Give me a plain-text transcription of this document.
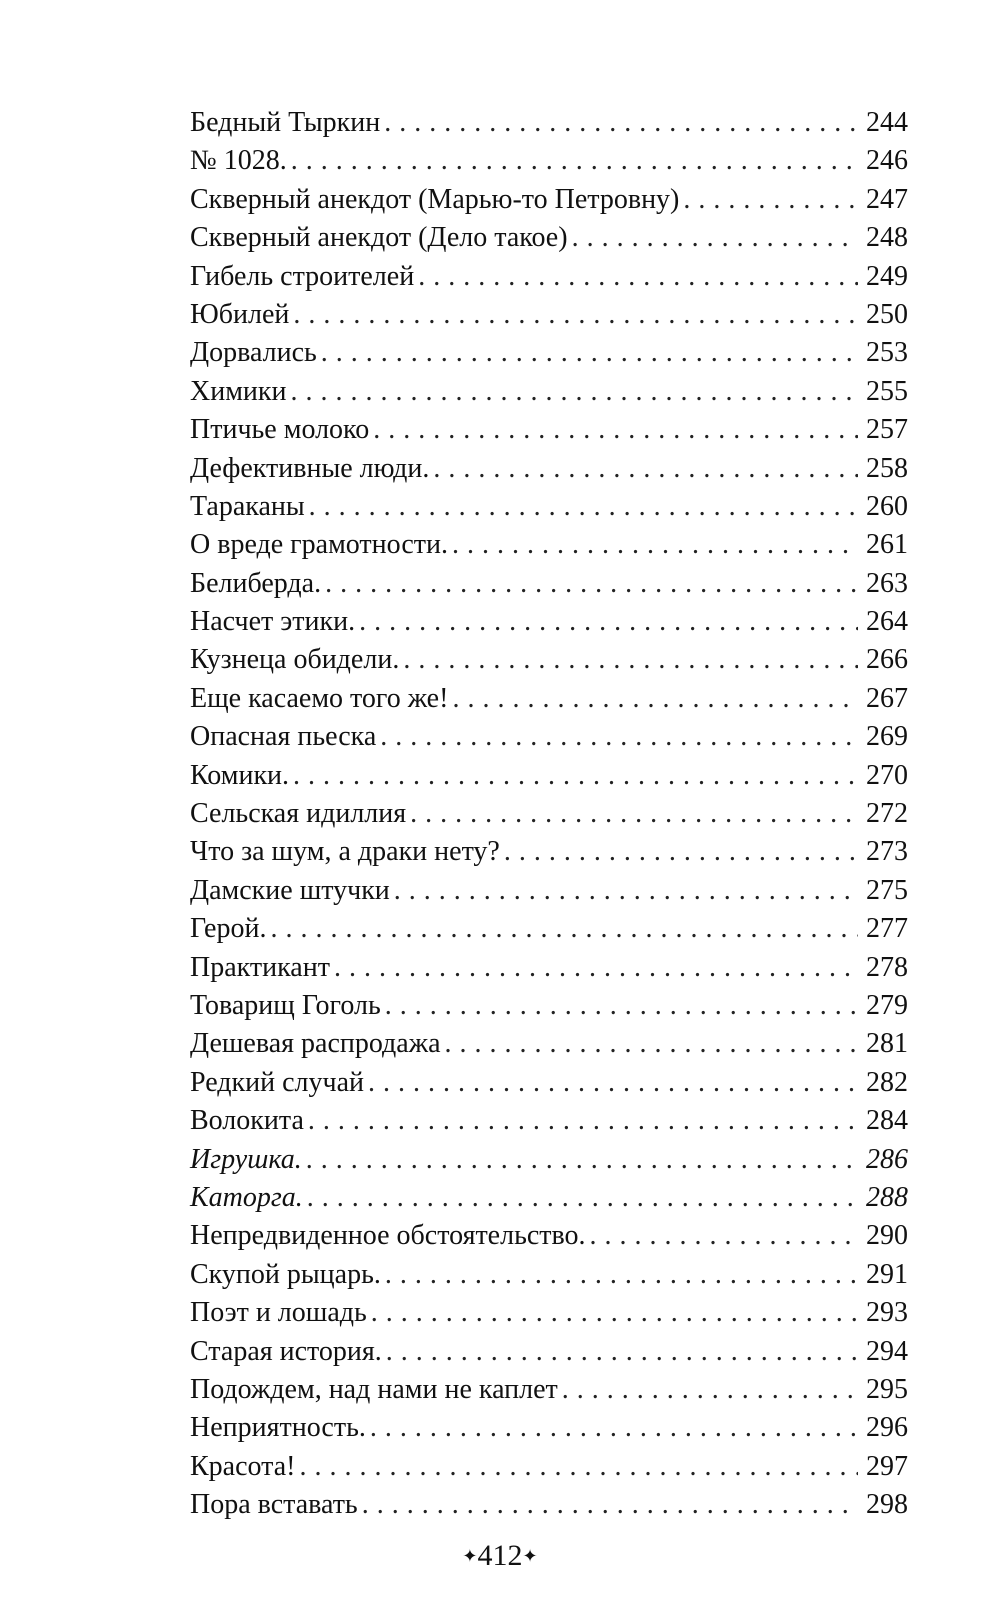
Бедный Тыркин . . .	244
№ 1028. . . .	246
Скверный анекдот (Марью-то Петровну) . . .	247
Скверный анекдот (Дело такое) . . .	248
Гибель строителей . . .	249
Юбилей . . .	250
Дорвались . . .	253
Химики . . .	255
Птичье молоко . . .	257
Дефективные люди. . . .	258
Тараканы . . .	260
О вреде грамотности. . . .	261
Белиберда. . . .	263
Насчет этики. . . .	264
Кузнеца обидели. . . .	266
Еще касаемо того же! . . .	267
Опасная пьеска . . .	269
Комики. . . .	270
Сельская идиллия . . .	272
Что за шум, а драки нету? . . .	273
Дамские штучки . . .	275
Герой. . . .	277
Практикант . . .	278
Товарищ Гоголь . . .	279
Дешевая распродажа . . .	281
Редкий случай . . .	282
Волокита . . .	284
Игрушка. . . .	286
Каторга. . . .	288
Непредвиденное обстоятельство. . . .	290
Скупой рыцарь. . . .	291
Поэт и лошадь . . .	293
Старая история. . . .	294
Подождем, над нами не каплет . . .	295
Неприятность. . . .	296
Красота! . . .	297
Пора вставать . . .	298
✦412✦
